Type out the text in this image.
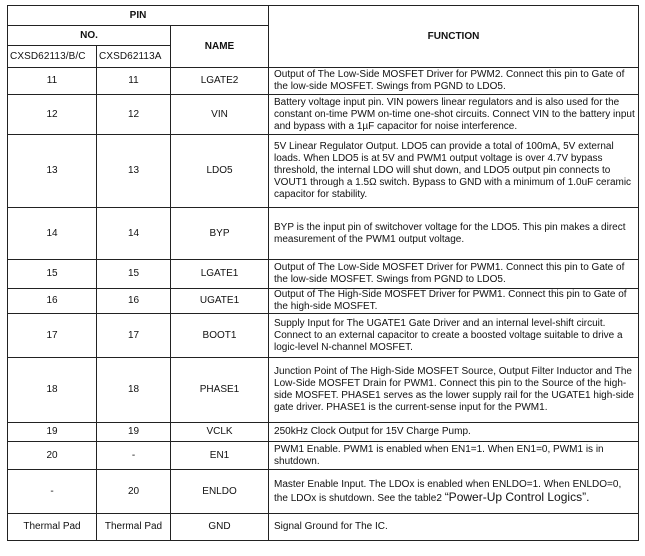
PIN			FUNCTION
NO.		NAME	
CXSD62113/B/C	CXSD62113A		
11	11	LGATE2	Output of The Low-Side MOSFET Driver for PWM2. Connect this pin to Gate of the low-side MOSFET. Swings from PGND to LDO5.
12	12	VIN	Battery voltage input pin. VIN powers linear regulators and is also used for the constant on-time PWM on-time one-shot circuits. Connect VIN to the battery input and bypass with a 1µF capacitor for noise interference.
13	13	LDO5	5V Linear Regulator Output. LDO5 can provide a total of 100mA, 5V external loads. When LDO5 is at 5V and PWM1 output voltage is over 4.7V bypass threshold, the internal LDO will shut down, and LDO5 output pin connects to VOUT1 through a 1.5Ω switch. Bypass to GND with a minimum of 1.0uF ceramic capacitor for stability.
14	14	BYP	BYP is the input pin of switchover voltage for the LDO5. This pin makes a direct measurement of the PWM1 output voltage.
15	15	LGATE1	Output of The Low-Side MOSFET Driver for PWM1. Connect this pin to Gate of the low-side MOSFET. Swings from PGND to LDO5.
16	16	UGATE1	Output of The High-Side MOSFET Driver for PWM1. Connect this pin to Gate of the high-side MOSFET.
17	17	BOOT1	Supply Input for The UGATE1 Gate Driver and an internal level-shift circuit. Connect to an external capacitor to create a boosted voltage suitable to drive a logic-level N-channel MOSFET.
18	18	PHASE1	Junction Point of The High-Side MOSFET Source, Output Filter Inductor and The Low-Side MOSFET Drain for PWM1. Connect this pin to the Source of the high-side MOSFET. PHASE1 serves as the lower supply rail for the UGATE1 high-side gate driver. PHASE1 is the current-sense input for the PWM1.
19	19	VCLK	250kHz Clock Output for 15V Charge Pump.
20	-	EN1	PWM1 Enable. PWM1 is enabled when EN1=1. When EN1=0, PWM1 is in shutdown.
-	20	ENLDO	Master Enable Input. The LDOx is enabled when ENLDO=1. When ENLDO=0, the LDOx is shutdown. See the table2 “Power-Up Control Logics”.
Thermal Pad	Thermal Pad	GND	Signal Ground for The IC.
